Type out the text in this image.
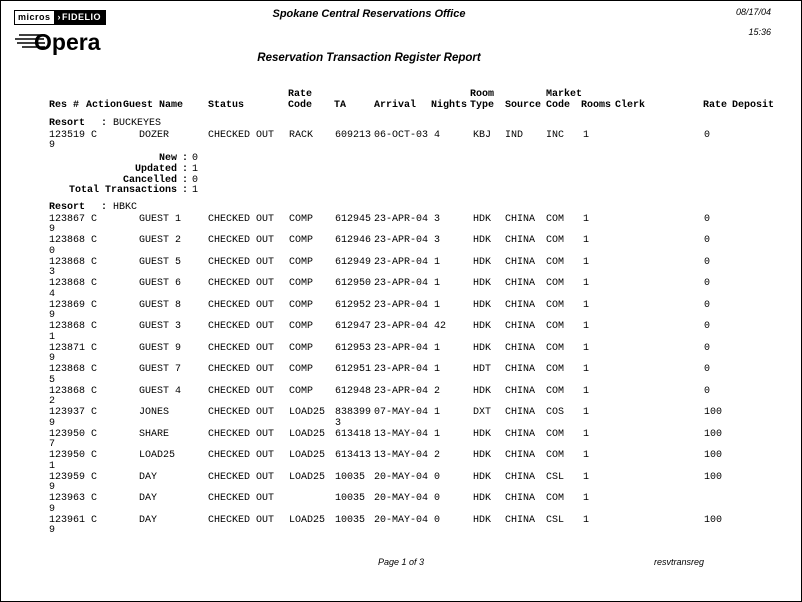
micros › FIDELIO
Opera
Spokane Central Reservations Office	08/17/04
15:36
Reservation Transaction Register Report
Res # Action Guest Name Status
Rate
Code TA	Arrival Nights
Room
Type Source
Market
Code Rooms Clerk	Rate Deposit
Resort : BUCKEYES
123519 C	DOZER	CHECKED OUT RACK 609213 06-OCT-03 4	KBJ IND INC 1	0
9
New : 0
Updated : 1
Cancelled : 0
Total Transactions : 1
Resort : HBKC
123867 C	GUEST 1	CHECKED OUT COMP 612945 23-APR-04 3	HDK CHINA COM 1	0
9
123868 C	GUEST 2	CHECKED OUT COMP 612946 23-APR-04 3	HDK CHINA COM 1	0
0
123868 C	GUEST 5	CHECKED OUT COMP 612949 23-APR-04 1	HDK CHINA COM 1	0
3
123868 C	GUEST 6	CHECKED OUT COMP 612950 23-APR-04 1	HDK CHINA COM 1	0
4
123869 C	GUEST 8	CHECKED OUT COMP 612952 23-APR-04 1	HDK CHINA COM 1	0
9
123868 C	GUEST 3	CHECKED OUT COMP 612947 23-APR-04 42	HDK CHINA COM 1	0
1
123871 C	GUEST 9	CHECKED OUT COMP 612953 23-APR-04 1	HDK CHINA COM 1	0
9
123868 C	GUEST 7	CHECKED OUT COMP 612951 23-APR-04 1	HDT CHINA COM 1	0
5
123868 C	GUEST 4	CHECKED OUT COMP 612948 23-APR-04 2	HDK CHINA COM 1	0
2
123937 C	JONES	CHECKED OUT LOAD25 838399 07-MAY-04 1	DXT CHINA COS 1	100
9	3
123950 C	SHARE	CHECKED OUT LOAD25 613418 13-MAY-04 1	HDK CHINA COM 1	100
7
123950 C	LOAD25	CHECKED OUT LOAD25 613413 13-MAY-04 2	HDK CHINA COM 1	100
1
123959 C	DAY	CHECKED OUT LOAD25 10035 20-MAY-04 0	HDK CHINA CSL 1	100
9
123963 C	DAY	CHECKED OUT	10035 20-MAY-04 0	HDK CHINA COM 1
9
123961 C	DAY	CHECKED OUT LOAD25 10035 20-MAY-04 0	HDK CHINA CSL 1	100
9
Page 1 of 3	resvtransreg
